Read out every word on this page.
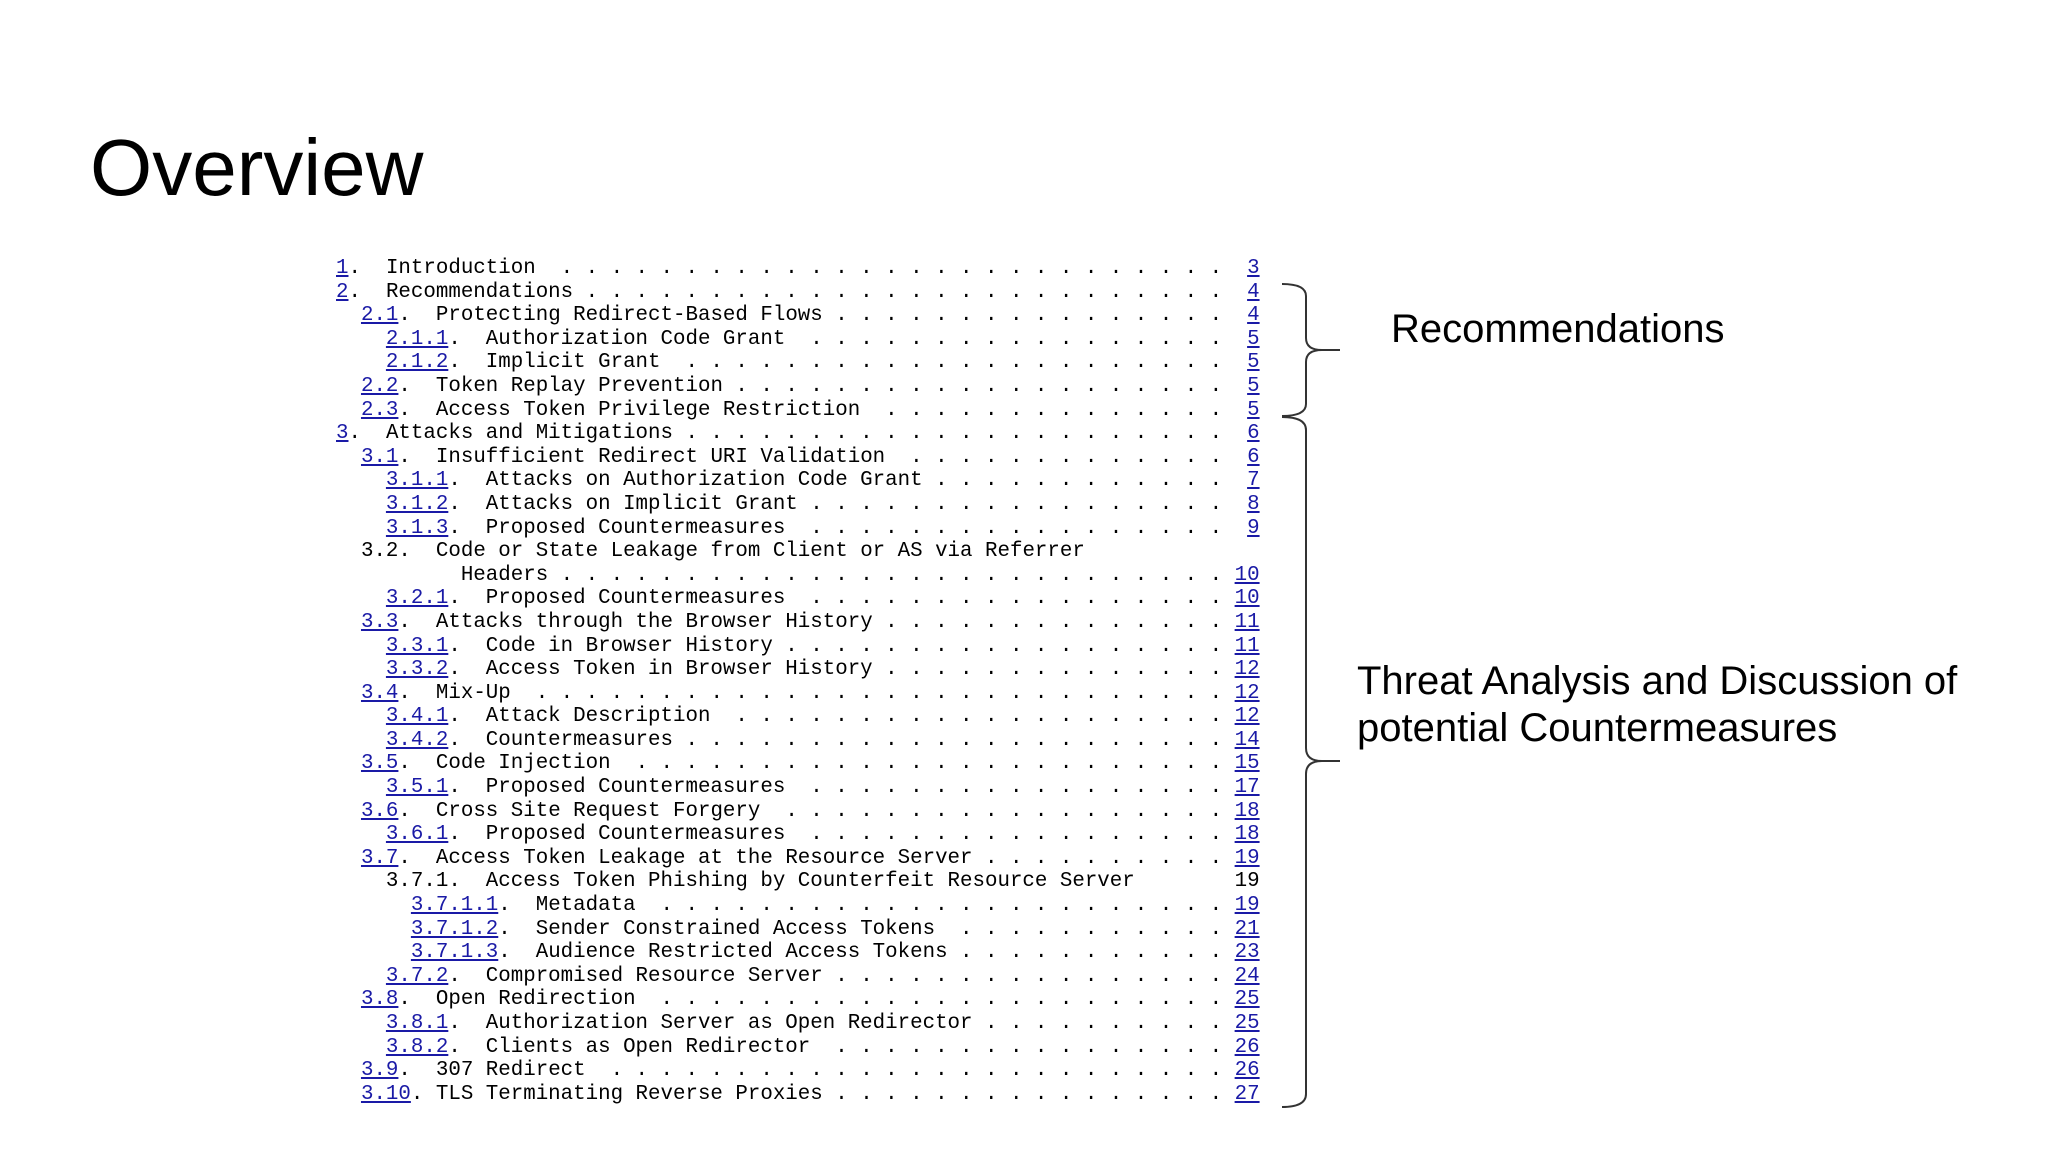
Overview
1.  Introduction  . . . . . . . . . . . . . . . . . . . . . . . . . . . 3
2.  Recommendations . . . . . . . . . . . . . . . . . . . . . . . . . . 4
2.1.  Protecting Redirect-Based Flows . . . . . . . . . . . . . . . . 4
2.1.1.  Authorization Code Grant  . . . . . . . . . . . . . . . . . 5
2.1.2.  Implicit Grant  . . . . . . . . . . . . . . . . . . . . . . 5
2.2.  Token Replay Prevention . . . . . . . . . . . . . . . . . . . . 5
2.3.  Access Token Privilege Restriction  . . . . . . . . . . . . . . 5
3.  Attacks and Mitigations . . . . . . . . . . . . . . . . . . . . . . 6
3.1.  Insufficient Redirect URI Validation  . . . . . . . . . . . . . 6
3.1.1.  Attacks on Authorization Code Grant . . . . . . . . . . . . 7
3.1.2.  Attacks on Implicit Grant . . . . . . . . . . . . . . . . . 8
3.1.3.  Proposed Countermeasures  . . . . . . . . . . . . . . . . . 9
3.2.  Code or State Leakage from Client or AS via Referrer
Headers . . . . . . . . . . . . . . . . . . . . . . . . . . . 10
3.2.1.  Proposed Countermeasures  . . . . . . . . . . . . . . . . . 10
3.3.  Attacks through the Browser History . . . . . . . . . . . . . . 11
3.3.1.  Code in Browser History . . . . . . . . . . . . . . . . . . 11
3.3.2.  Access Token in Browser History . . . . . . . . . . . . . . 12
3.4.  Mix-Up  . . . . . . . . . . . . . . . . . . . . . . . . . . . . 12
3.4.1.  Attack Description  . . . . . . . . . . . . . . . . . . . . 12
3.4.2.  Countermeasures . . . . . . . . . . . . . . . . . . . . . . 14
3.5.  Code Injection  . . . . . . . . . . . . . . . . . . . . . . . . 15
3.5.1.  Proposed Countermeasures  . . . . . . . . . . . . . . . . . 17
3.6.  Cross Site Request Forgery  . . . . . . . . . . . . . . . . . . 18
3.6.1.  Proposed Countermeasures  . . . . . . . . . . . . . . . . . 18
3.7.  Access Token Leakage at the Resource Server . . . . . . . . . . 19
3.7.1.  Access Token Phishing by Counterfeit Resource Server	19
3.7.1.1.  Metadata  . . . . . . . . . . . . . . . . . . . . . . . 19
3.7.1.2.  Sender Constrained Access Tokens  . . . . . . . . . . . 21
3.7.1.3.  Audience Restricted Access Tokens . . . . . . . . . . . 23
3.7.2.  Compromised Resource Server . . . . . . . . . . . . . . . . 24
3.8.  Open Redirection  . . . . . . . . . . . . . . . . . . . . . . . 25
3.8.1.  Authorization Server as Open Redirector . . . . . . . . . . 25
3.8.2.  Clients as Open Redirector  . . . . . . . . . . . . . . . . 26
3.9.  307 Redirect  . . . . . . . . . . . . . . . . . . . . . . . . . 26
3.10. TLS Terminating Reverse Proxies . . . . . . . . . . . . . . . . 27
Recommendations
Threat Analysis and Discussion of
potential Countermeasures
